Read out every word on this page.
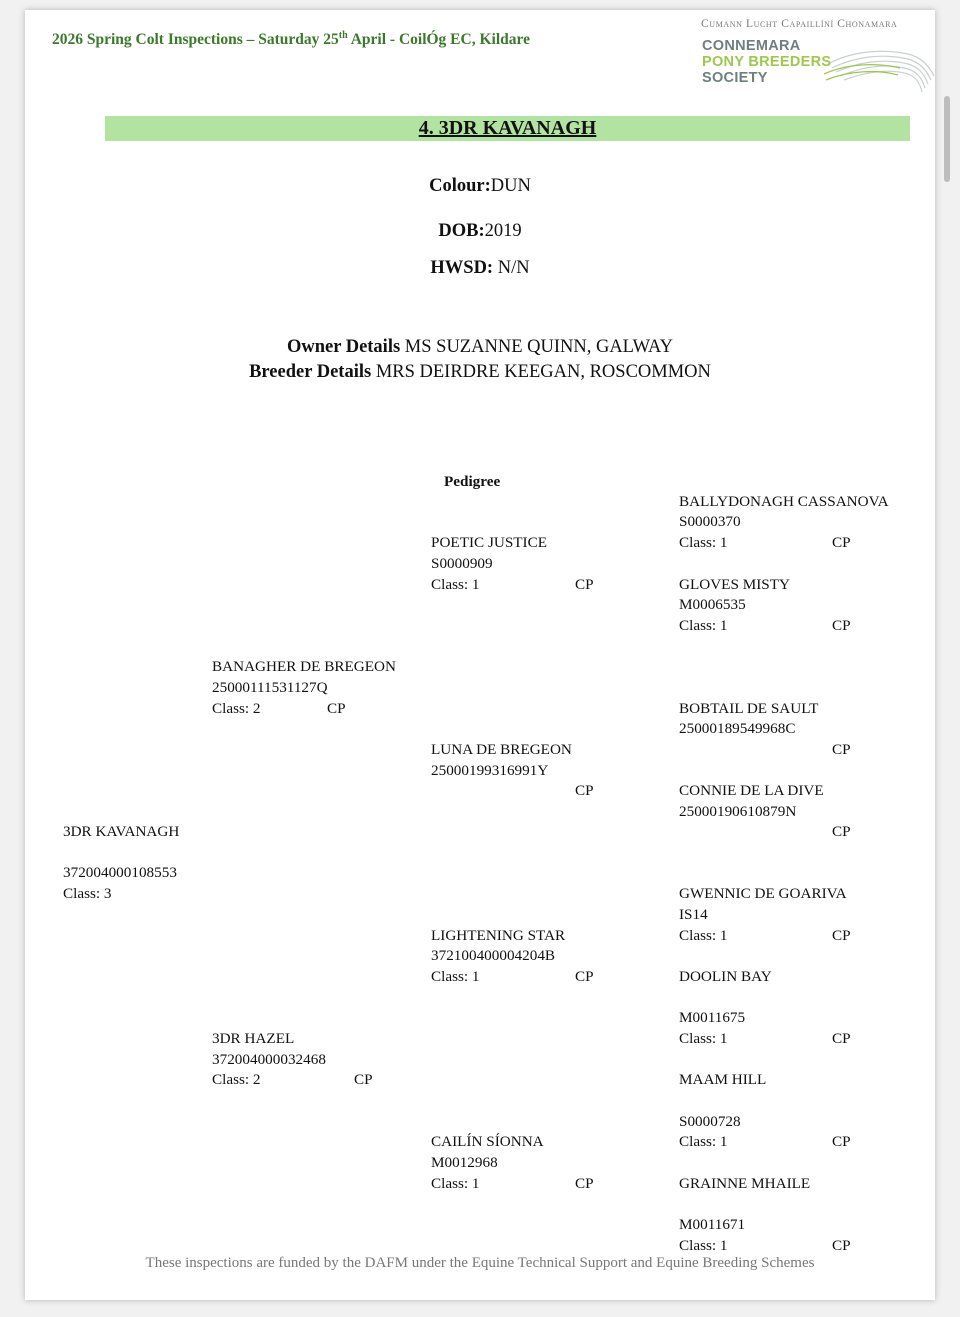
2026 Spring Colt Inspections – Saturday 25th April - CoilÓg EC, Kildare
Cumann Lucht Capaillíní Chonamara
CONNEMARA
PONY BREEDERS
SOCIETY
4. 3DR KAVANAGH
Colour:DUN
DOB:2019
HWSD: N/N
Owner Details MS SUZANNE QUINN, GALWAY
Breeder Details MRS DEIRDRE KEEGAN, ROSCOMMON
Pedigree
3DR KAVANAGH
372004000108553
Class: 3
BANAGHER DE BREGEON
25000111531127Q
Class: 2	CP
3DR HAZEL
372004000032468
Class: 2	CP
POETIC JUSTICE
S0000909
Class: 1	CP
LUNA DE BREGEON
25000199316991Y
CP
LIGHTENING STAR
372100400004204B
Class: 1	CP
CAILÍN SÍONNA
M0012968
Class: 1	CP
BALLYDONAGH CASSANOVA
S0000370
Class: 1	CP
GLOVES MISTY
M0006535
Class: 1	CP
BOBTAIL DE SAULT
25000189549968C
CP
CONNIE DE LA DIVE
25000190610879N
CP
GWENNIC DE GOARIVA
IS14
Class: 1	CP
DOOLIN BAY
M0011675
Class: 1	CP
MAAM HILL
S0000728
Class: 1	CP
GRAINNE MHAILE
M0011671
Class: 1	CP
These inspections are funded by the DAFM under the Equine Technical Support and Equine Breeding Schemes
